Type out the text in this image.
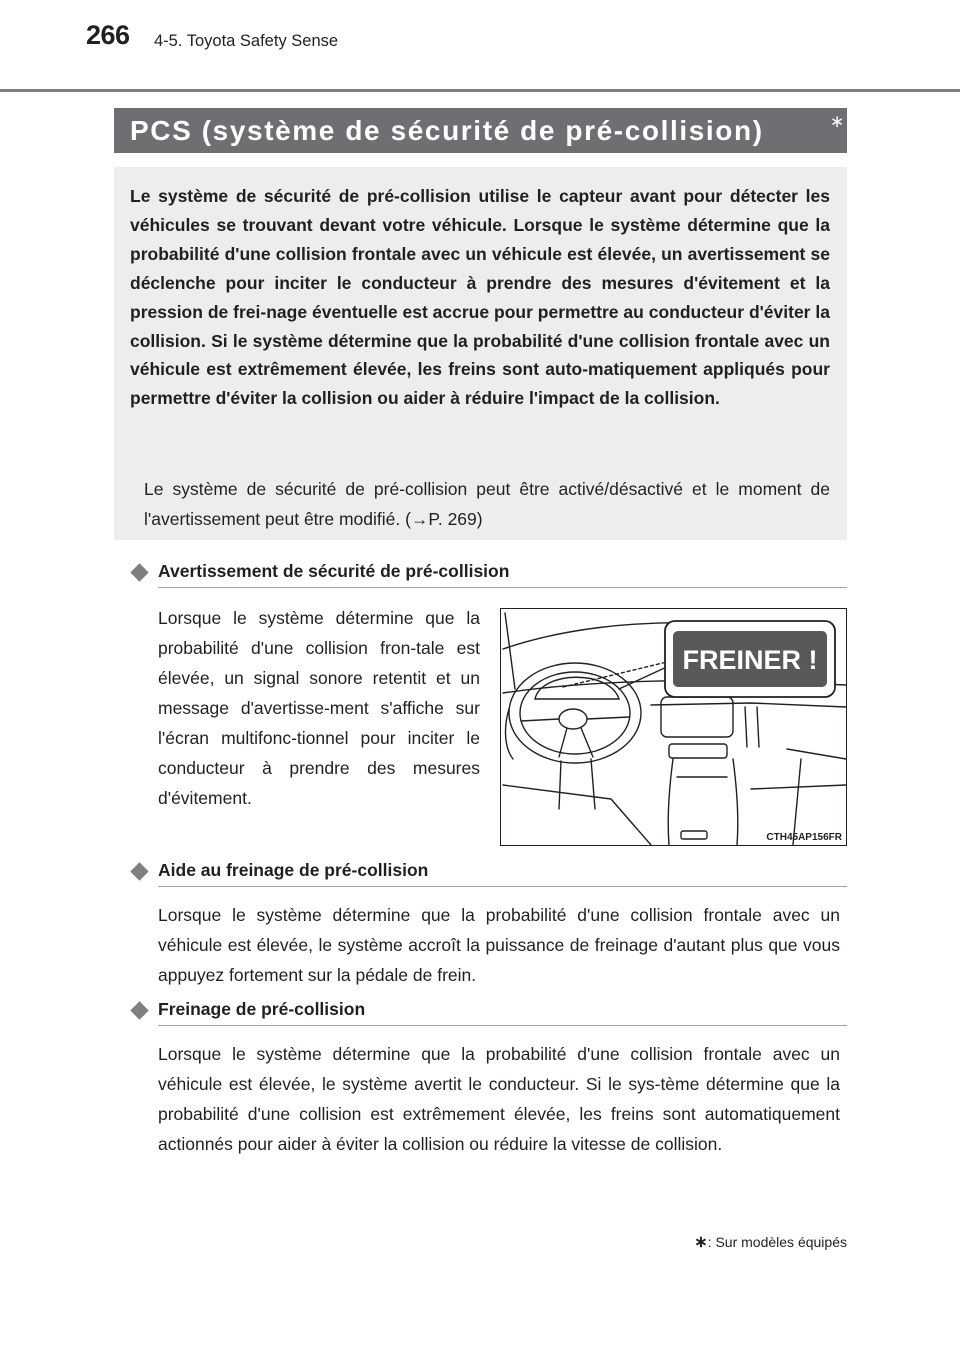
266 4-5. Toyota Safety Sense
PCS (système de sécurité de pré-collision)	∗

Le système de sécurité de pré-collision utilise le capteur avant pour détecter les véhicules se trouvant devant votre véhicule. Lorsque le système détermine que la probabilité d'une collision frontale avec un véhicule est élevée, un avertissement se déclenche pour inciter le conducteur à prendre des mesures d'évitement et la pression de frei-nage éventuelle est accrue pour permettre au conducteur d'éviter la collision. Si le système détermine que la probabilité d'une collision frontale avec un véhicule est extrêmement élevée, les freins sont auto-matiquement appliqués pour permettre d'éviter la collision ou aider à réduire l'impact de la collision.

Le système de sécurité de pré-collision peut être activé/désactivé et le moment de l'avertissement peut être modifié. (→P. 269)

Avertissement de sécurité de pré-collision

Lorsque le système détermine que la probabilité d'une collision fron-tale est élevée, un signal sonore retentit et un message d'avertisse-ment s'affiche sur l'écran multifonc-tionnel pour inciter le conducteur à prendre des mesures d'évitement.

FREINER !
CTH45AP156FR
Aide au freinage de pré-collision

Lorsque le système détermine que la probabilité d'une collision frontale avec un véhicule est élevée, le système accroît la puissance de freinage d'autant plus que vous appuyez fortement sur la pédale de frein.

Freinage de pré-collision

Lorsque le système détermine que la probabilité d'une collision frontale avec un véhicule est élevée, le système avertit le conducteur. Si le sys-tème détermine que la probabilité d'une collision est extrêmement élevée, les freins sont automatiquement actionnés pour aider à éviter la collision ou réduire la vitesse de collision.

∗: Sur modèles équipés
